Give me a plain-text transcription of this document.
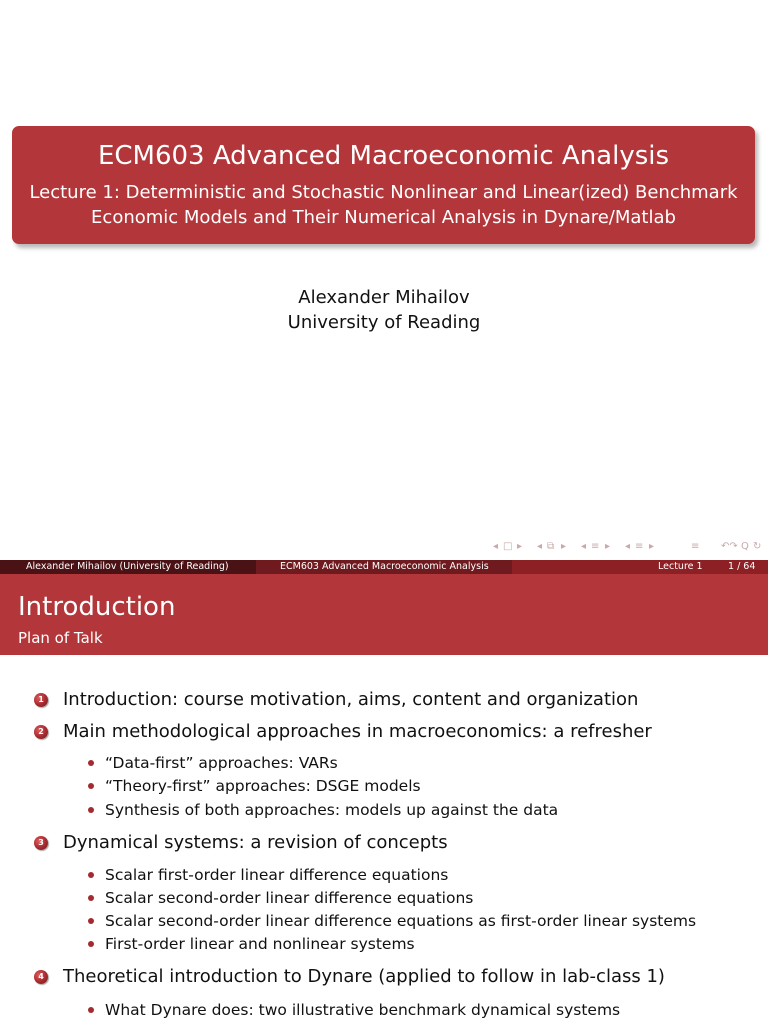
ECM603 Advanced Macroeconomic Analysis
Lecture 1: Deterministic and Stochastic Nonlinear and Linear(ized) Benchmark
Economic Models and Their Numerical Analysis in Dynare/Matlab
Alexander Mihailov
University of Reading
◂ □ ▸ ◂ ⧉ ▸ ◂ ≡ ▸ ◂ ≡ ▸	≡ ↶↷ Q ↻
Alexander Mihailov (University of Reading)	ECM603 Advanced Macroeconomic Analysis	Lecture 1	1 / 64
Introduction
Plan of Talk
1 Introduction: course motivation, aims, content and organization
2 Main methodological approaches in macroeconomics: a refresher
“Data-first” approaches: VARs
“Theory-first” approaches: DSGE models
Synthesis of both approaches: models up against the data
3 Dynamical systems: a revision of concepts
Scalar first-order linear difference equations
Scalar second-order linear difference equations
Scalar second-order linear difference equations as first-order linear systems
First-order linear and nonlinear systems
4 Theoretical introduction to Dynare (applied to follow in lab-class 1)
What Dynare does: two illustrative benchmark dynamical systems
